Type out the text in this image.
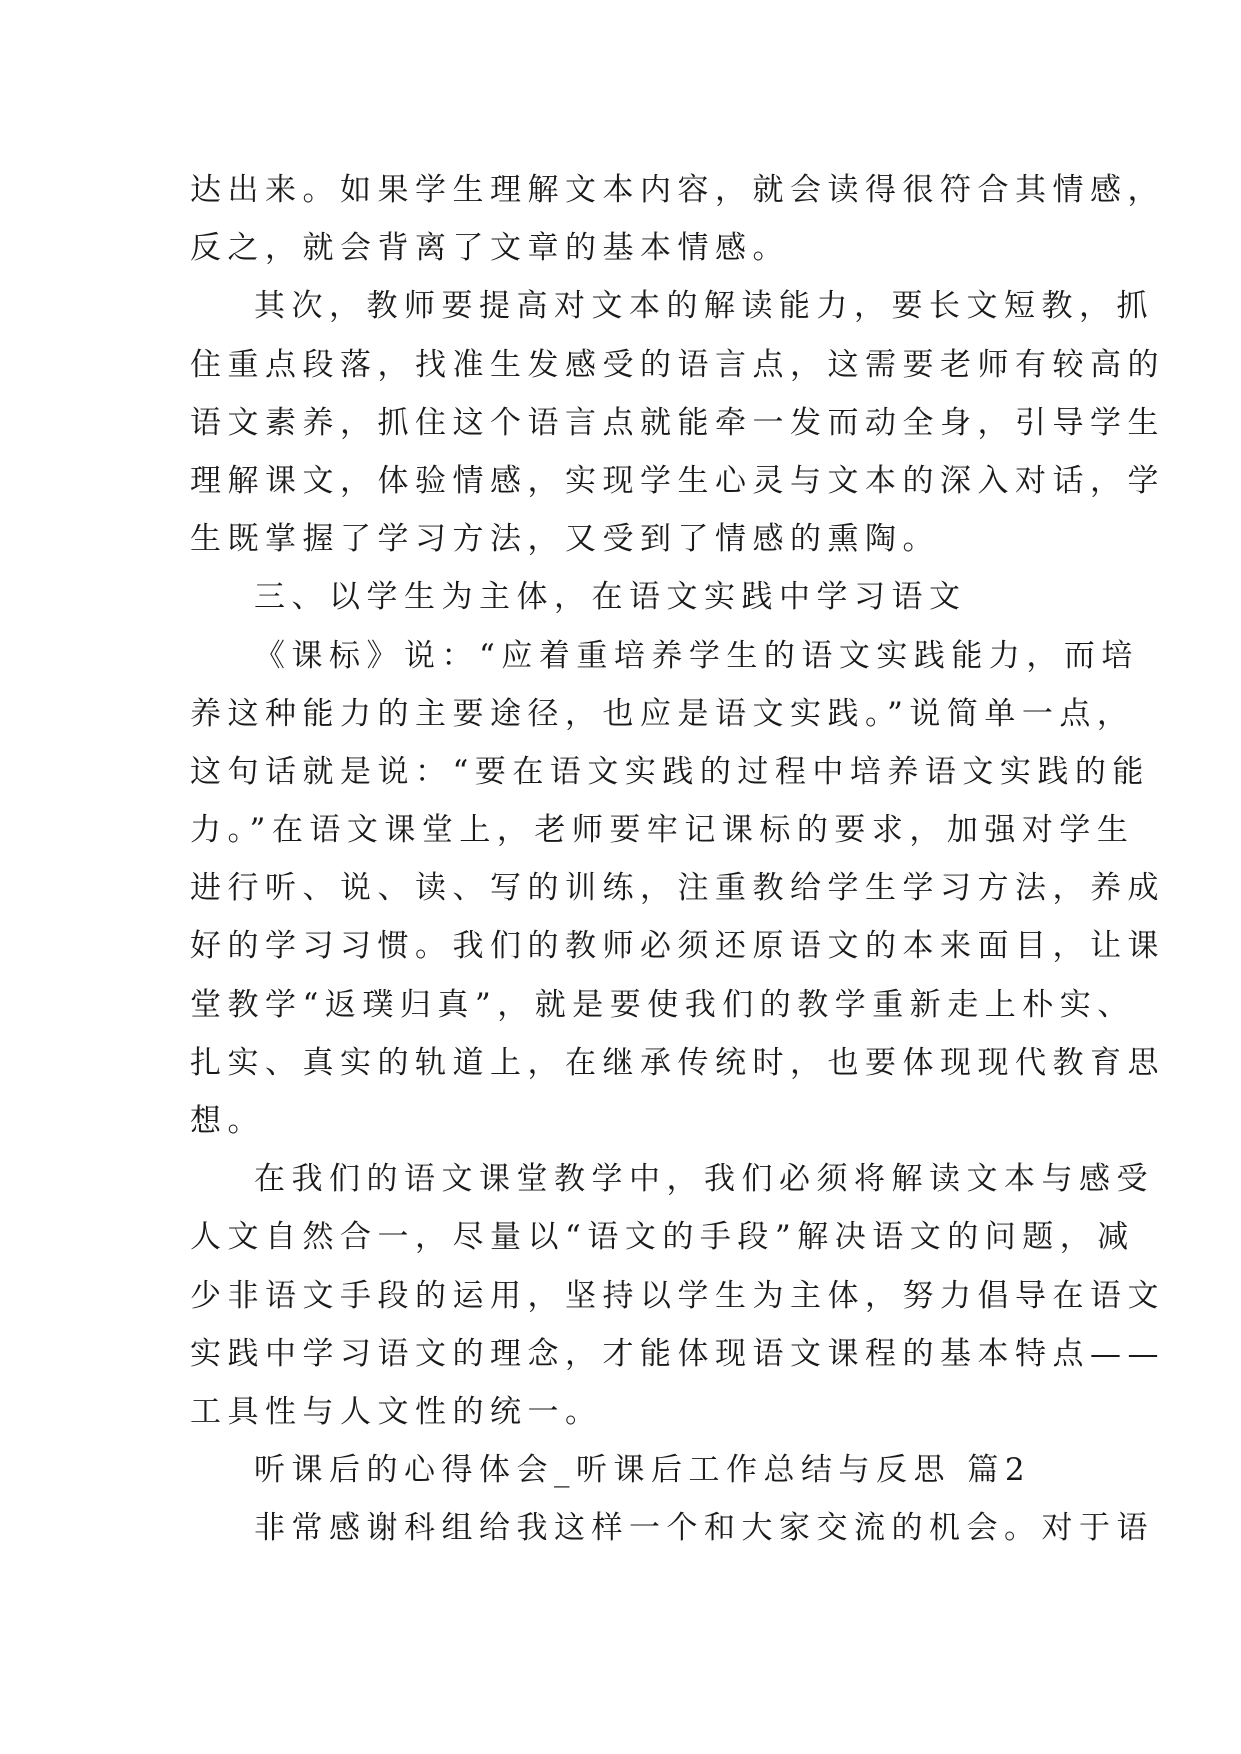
达出来。如果学生理解文本内容，就会读得很符合其情感，
反之，就会背离了文章的基本情感。
其次，教师要提高对文本的解读能力，要长文短教，抓
住重点段落，找准生发感受的语言点，这需要老师有较高的
语文素养，抓住这个语言点就能牵一发而动全身，引导学生
理解课文，体验情感，实现学生心灵与文本的深入对话，学
生既掌握了学习方法，又受到了情感的熏陶。
三、以学生为主体，在语文实践中学习语文
《课标》说：“应着重培养学生的语文实践能力，而培
养这种能力的主要途径，也应是语文实践。”说简单一点，
这句话就是说：“要在语文实践的过程中培养语文实践的能
力。”在语文课堂上，老师要牢记课标的要求，加强对学生
进行听、说、读、写的训练，注重教给学生学习方法，养成
好的学习习惯。我们的教师必须还原语文的本来面目，让课
堂教学“返璞归真”，就是要使我们的教学重新走上朴实、
扎实、真实的轨道上，在继承传统时，也要体现现代教育思
想。
在我们的语文课堂教学中，我们必须将解读文本与感受
人文自然合一，尽量以“语文的手段”解决语文的问题，减
少非语文手段的运用，坚持以学生为主体，努力倡导在语文
实践中学习语文的理念，才能体现语文课程的基本特点——
工具性与人文性的统一。
听课后的心得体会_听课后工作总结与反思 篇2
非常感谢科组给我这样一个和大家交流的机会。对于语
